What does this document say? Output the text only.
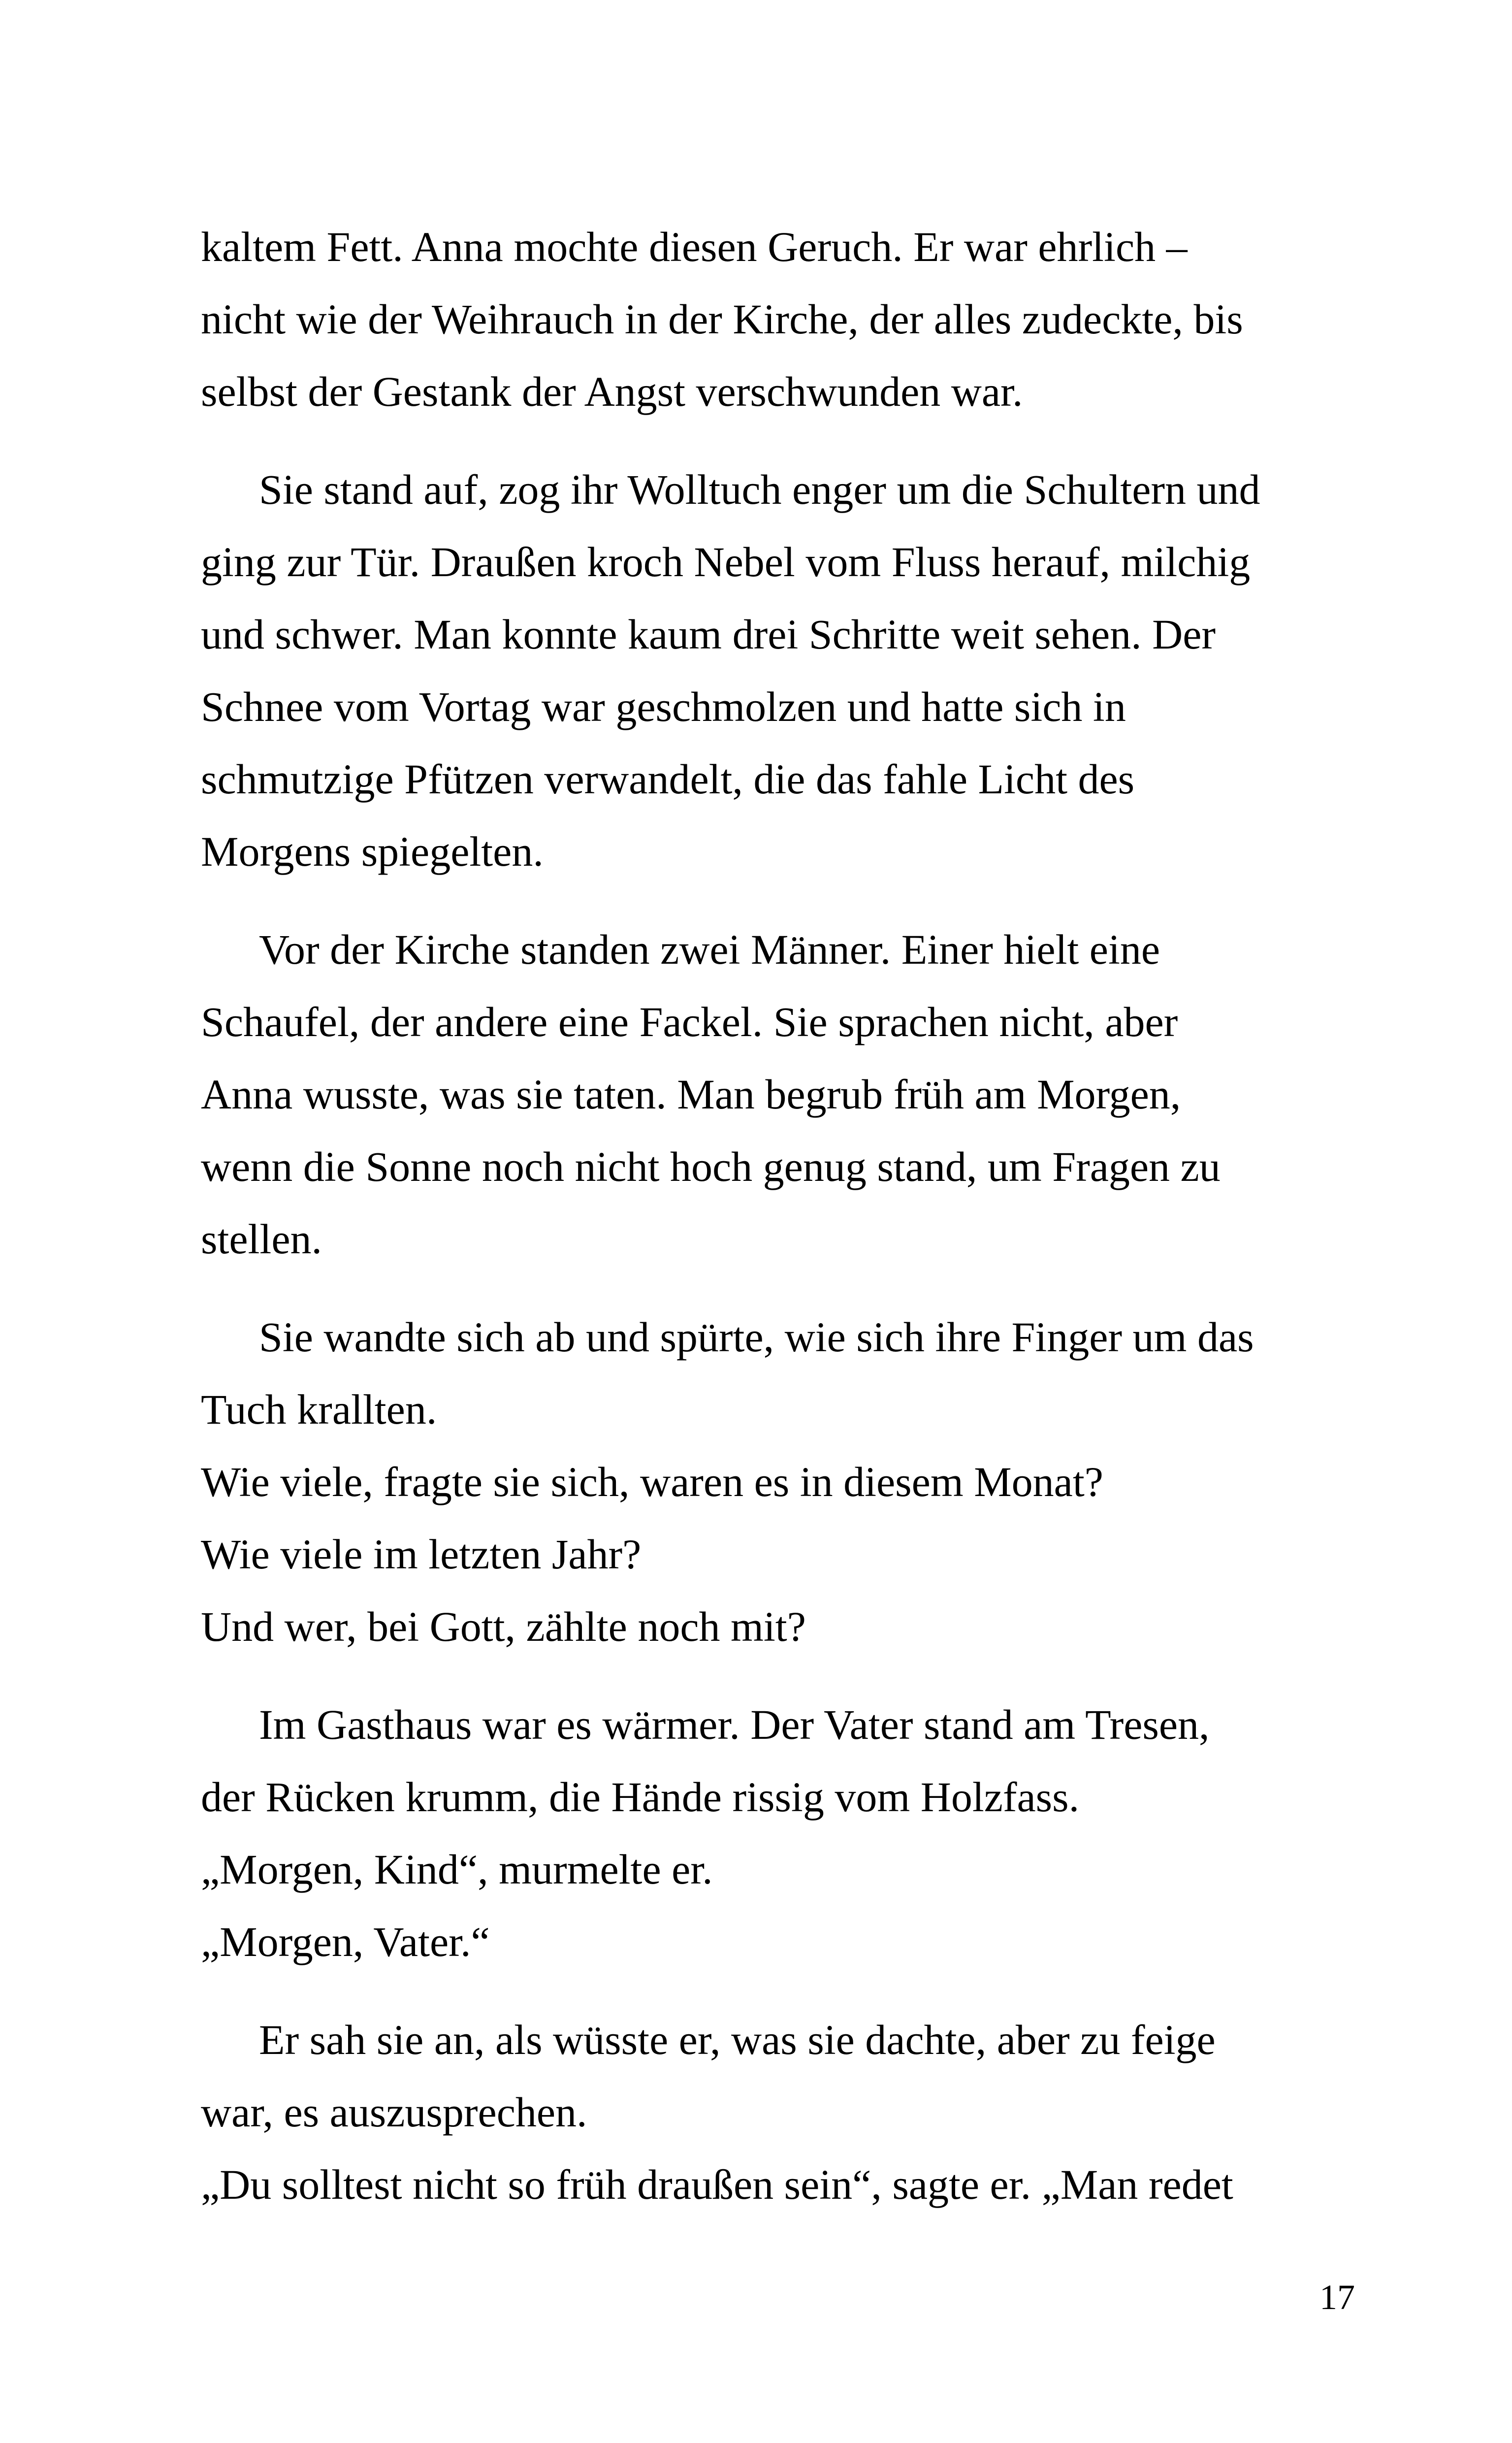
kaltem Fett. Anna mochte diesen Geruch. Er war ehrlich –
nicht wie der Weihrauch in der Kirche, der alles zudeckte, bis
selbst der Gestank der Angst verschwunden war.
Sie stand auf, zog ihr Wolltuch enger um die Schultern und
ging zur Tür. Draußen kroch Nebel vom Fluss herauf, milchig
und schwer. Man konnte kaum drei Schritte weit sehen. Der
Schnee vom Vortag war geschmolzen und hatte sich in
schmutzige Pfützen verwandelt, die das fahle Licht des
Morgens spiegelten.
Vor der Kirche standen zwei Männer. Einer hielt eine
Schaufel, der andere eine Fackel. Sie sprachen nicht, aber
Anna wusste, was sie taten. Man begrub früh am Morgen,
wenn die Sonne noch nicht hoch genug stand, um Fragen zu
stellen.
Sie wandte sich ab und spürte, wie sich ihre Finger um das
Tuch krallten.
Wie viele, fragte sie sich, waren es in diesem Monat?
Wie viele im letzten Jahr?
Und wer, bei Gott, zählte noch mit?
Im Gasthaus war es wärmer. Der Vater stand am Tresen,
der Rücken krumm, die Hände rissig vom Holzfass.
„Morgen, Kind“, murmelte er.
„Morgen, Vater.“
Er sah sie an, als wüsste er, was sie dachte, aber zu feige
war, es auszusprechen.
„Du solltest nicht so früh draußen sein“, sagte er. „Man redet
17
